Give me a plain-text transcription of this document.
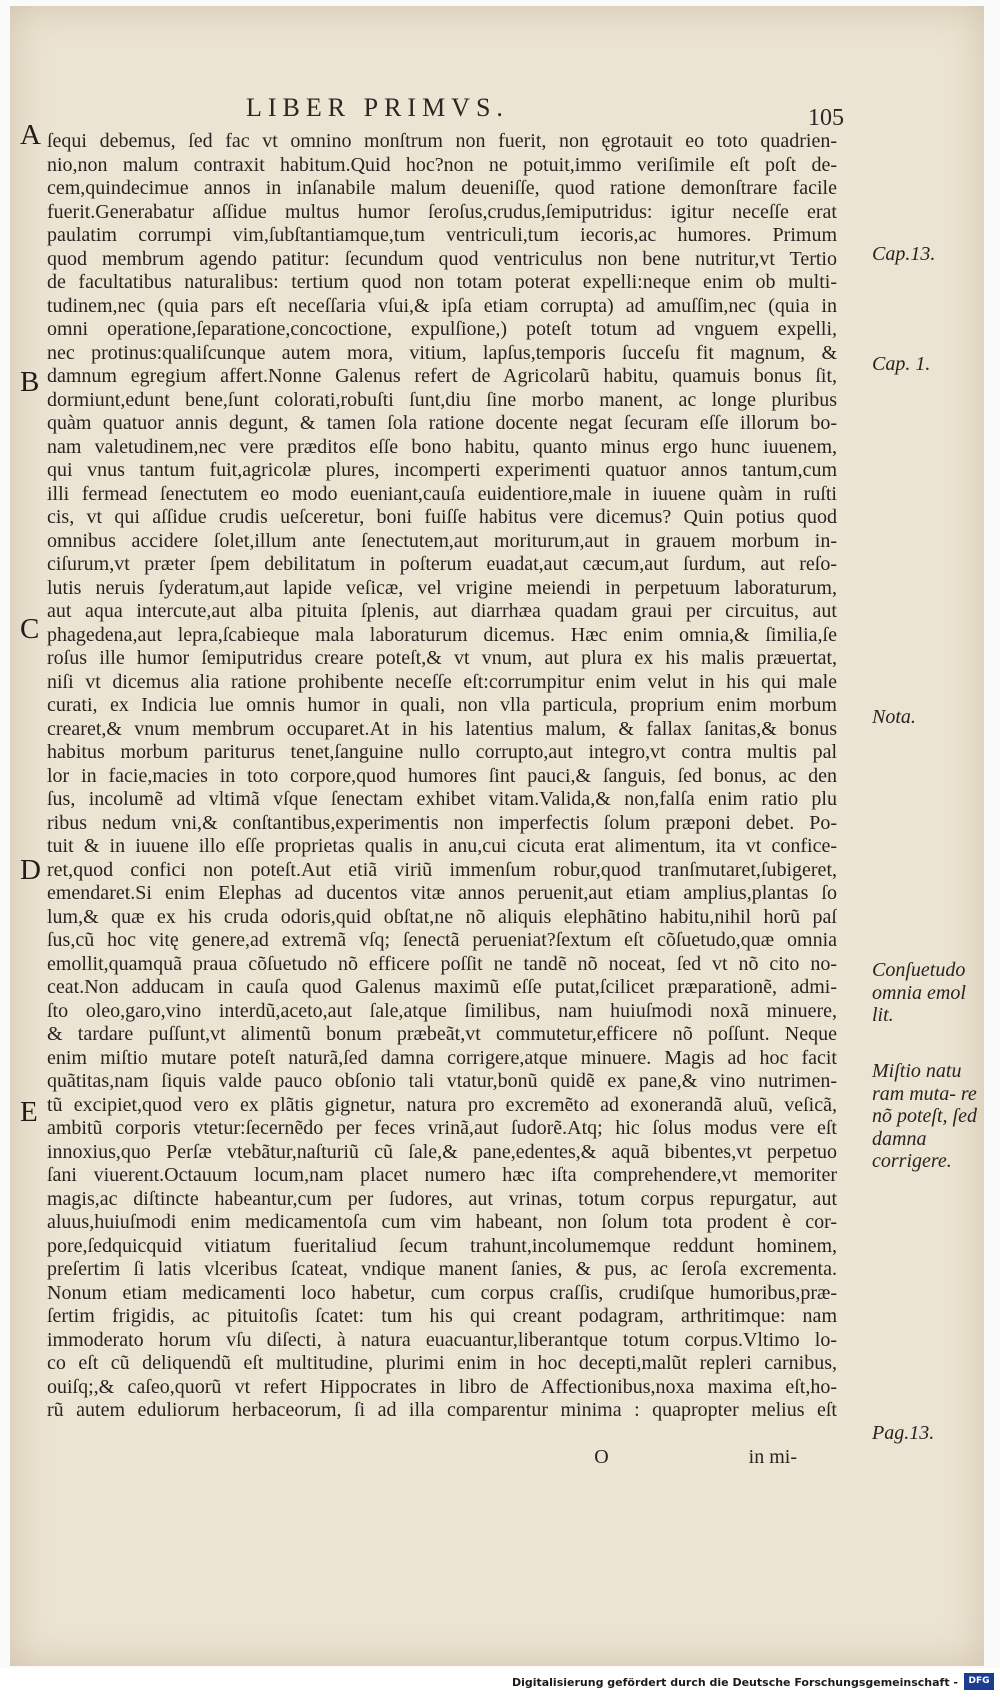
LIBER PRIMVS.	105
A
B
C
D
E
ſequi debemus, ſed fac vt omnino monſtrum non fuerit, non ęgrotauit eo toto quadrien-
nio,non malum contraxit habitum.Quid hoc?non ne potuit,immo veriſimile eſt poſt de-
cem,quindecimue annos in inſanabile malum deueniſſe, quod ratione demonſtrare facile
fuerit.Generabatur aſſidue multus humor ſeroſus,crudus,ſemiputridus: igitur neceſſe erat
paulatim corrumpi vim,ſubſtantiamque,tum ventriculi,tum iecoris,ac humores. Primum
quod membrum agendo patitur: ſecundum quod ventriculus non bene nutritur,vt Tertio
de facultatibus naturalibus: tertium quod non totam poterat expelli:neque enim ob multi-
tudinem,nec (quia pars eſt neceſſaria vſui,& ipſa etiam corrupta) ad amuſſim,nec (quia in
omni operatione,ſeparatione,concoctione, expulſione,) poteſt totum ad vnguem expelli,
nec protinus:qualiſcunque autem mora, vitium, lapſus,temporis ſucceſu fit magnum, &
damnum egregium affert.Nonne Galenus refert de Agricolarũ habitu, quamuis bonus ſit,
dormiunt,edunt bene,ſunt colorati,robuſti ſunt,diu ſine morbo manent, ac longe pluribus
quàm quatuor annis degunt, & tamen ſola ratione docente negat ſecuram eſſe illorum bo-
nam valetudinem,nec vere præditos eſſe bono habitu, quanto minus ergo hunc iuuenem,
qui vnus tantum fuit,agricolæ plures, incomperti experimenti quatuor annos tantum,cum
illi fermead ſenectutem eo modo eueniant,cauſa euidentiore,male in iuuene quàm in ruſti
cis, vt qui aſſidue crudis ueſceretur, boni fuiſſe habitus vere dicemus? Quin potius quod
omnibus accidere ſolet,illum ante ſenectutem,aut moriturum,aut in grauem morbum in-
ciſurum,vt præter ſpem debilitatum in poſterum euadat,aut cæcum,aut ſurdum, aut reſo-
lutis neruis ſyderatum,aut lapide veſicæ, vel vrigine meiendi in perpetuum laboraturum,
aut aqua intercute,aut alba pituita ſplenis, aut diarrhæa quadam graui per circuitus, aut
phagedena,aut lepra,ſcabieque mala laboraturum dicemus. Hæc enim omnia,& ſimilia,ſe
roſus ille humor ſemiputridus creare poteſt,& vt vnum, aut plura ex his malis præuertat,
niſi vt dicemus alia ratione prohibente neceſſe eſt:corrumpitur enim velut in his qui male
curati, ex Indicia lue omnis humor in quali, non vlla particula, proprium enim morbum
crearet,& vnum membrum occuparet.At in his latentius malum, & fallax ſanitas,& bonus
habitus morbum pariturus tenet,ſanguine nullo corrupto,aut integro,vt contra multis pal
lor in facie,macies in toto corpore,quod humores ſint pauci,& ſanguis, ſed bonus, ac den
ſus, incolumẽ ad vltimã vſque ſenectam exhibet vitam.Valida,& non,falſa enim ratio plu
ribus nedum vni,& conſtantibus,experimentis non imperfectis ſolum præponi debet. Po-
tuit & in iuuene illo eſſe proprietas qualis in anu,cui cicuta erat alimentum, ita vt confice-
ret,quod confici non poteſt.Aut etiã viriũ immenſum robur,quod tranſmutaret,ſubigeret,
emendaret.Si enim Elephas ad ducentos vitæ annos peruenit,aut etiam amplius,plantas ſo
lum,& quæ ex his cruda odoris,quid obſtat,ne nõ aliquis elephãtino habitu,nihil horũ paſ
ſus,cũ hoc vitę genere,ad extremã vſq; ſenectã perueniat?ſextum eſt cõſuetudo,quæ omnia
emollit,quamquã praua cõſuetudo nõ efficere poſſit ne tandẽ nõ noceat, ſed vt nõ cito no-
ceat.Non adducam in cauſa quod Galenus maximũ eſſe putat,ſcilicet præparationẽ, admi-
ſto oleo,garo,vino interdũ,aceto,aut ſale,atque ſimilibus, nam huiuſmodi noxã minuere,
& tardare puſſunt,vt alimentũ bonum præbeãt,vt commutetur,efficere nõ poſſunt. Neque
enim miſtio mutare poteſt naturã,ſed damna corrigere,atque minuere. Magis ad hoc facit
quãtitas,nam ſiquis valde pauco obſonio tali vtatur,bonũ quidẽ ex pane,& vino nutrimen-
tũ excipiet,quod vero ex plãtis gignetur, natura pro excremẽto ad exonerandã aluũ, veſicã,
ambitũ corporis vtetur:ſecernẽdo per feces vrinã,aut ſudorẽ.Atq; hic ſolus modus vere eſt
innoxius,quo Perſæ vtebãtur,naſturiũ cũ ſale,& pane,edentes,& aquã bibentes,vt perpetuo
ſani viuerent.Octauum locum,nam placet numero hæc iſta comprehendere,vt memoriter
magis,ac diſtincte habeantur,cum per ſudores, aut vrinas, totum corpus repurgatur, aut
aluus,huiuſmodi enim medicamentoſa cum vim habeant, non ſolum tota prodent è cor-
pore,ſedquicquid vitiatum fueritaliud ſecum trahunt,incolumemque reddunt hominem,
preſertim ſi latis vlceribus ſcateat, vndique manent ſanies, & pus, ac ſeroſa excrementa.
Nonum etiam medicamenti loco habetur, cum corpus craſſis, crudiſque humoribus,præ-
ſertim frigidis, ac pituitoſis ſcatet: tum his qui creant podagram, arthritimque: nam
immoderato horum vſu diſecti, à natura euacuantur,liberantque totum corpus.Vltimo lo-
co eſt cũ deliquendũ eſt multitudine, plurimi enim in hoc decepti,malũt repleri carnibus,
ouiſq;,& caſeo,quorũ vt refert Hippocrates in libro de Affectionibus,noxa maxima eſt,ho-
rũ autem eduliorum herbaceorum, ſi ad illa comparentur minima : quapropter melius eſt
O	in mi-
Cap.13.
Cap. 1.
Nota.
Conſuetudo omnia emol lit.
Miſtio natu ram muta- re nõ poteſt, ſed damna corrigere.
Pag.13.
Digitalisierung gefördert durch die Deutsche Forschungsgemeinschaft -	DFG
